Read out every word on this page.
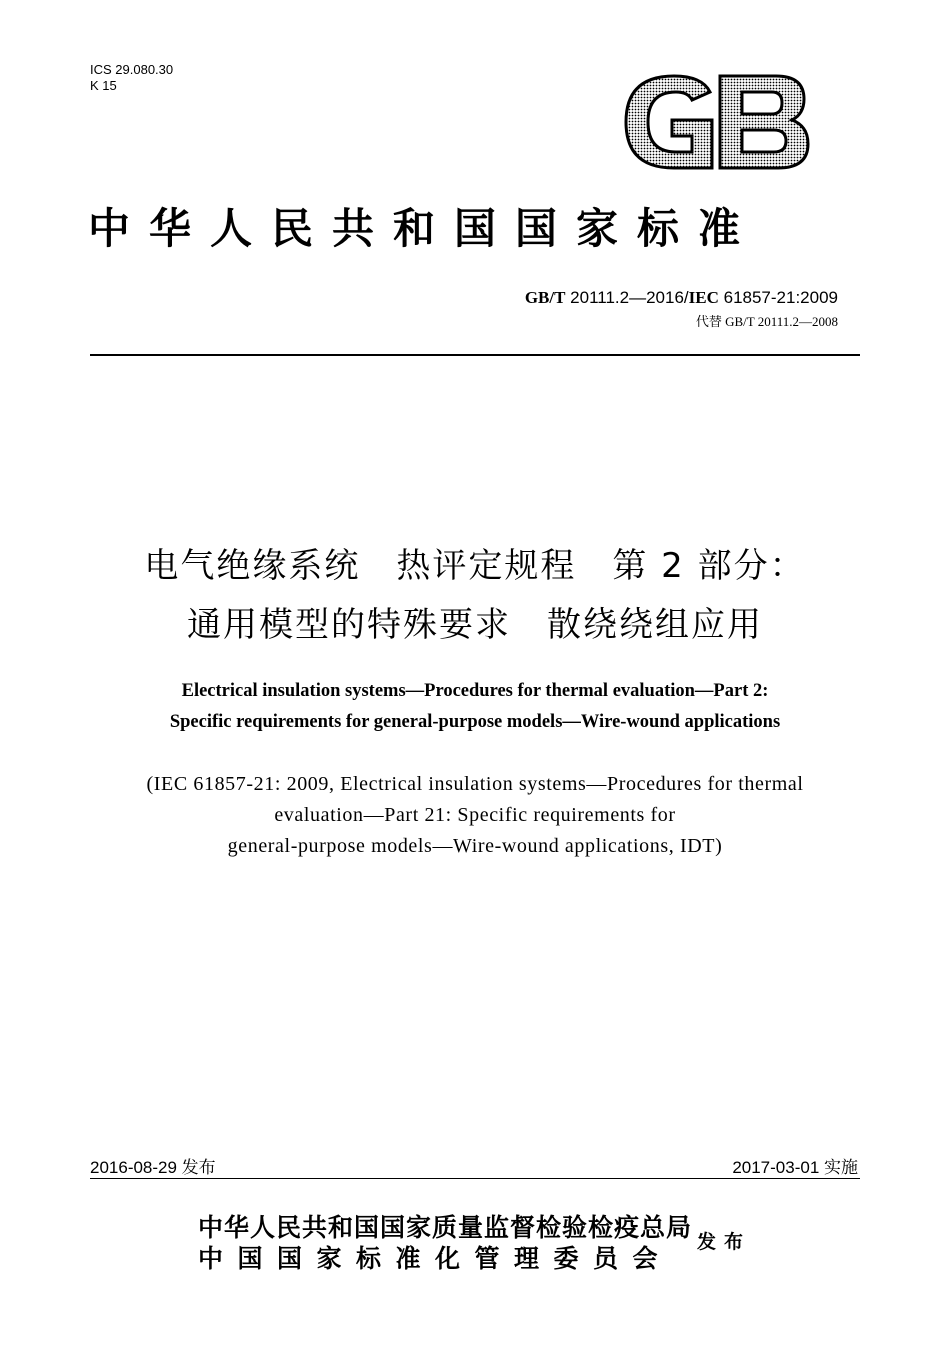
ICS 29.080.30
K 15
中华人民共和国国家标准
GB/T 20111.2—2016/IEC 61857-21:2009
代替 GB/T 20111.2—2008
电气绝缘系统　热评定规程　第 2 部分：
通用模型的特殊要求　散绕绕组应用
Electrical insulation systems—Procedures for thermal evaluation—Part 2:
Specific requirements for general-purpose models—Wire-wound applications
(IEC 61857-21: 2009, Electrical insulation systems—Procedures for thermal
evaluation—Part 21: Specific requirements for
general-purpose models—Wire-wound applications, IDT)
2016-08-29 发布	2017-03-01 实施
中华人民共和国国家质量监督检验检疫总局
中国国家标准化管理委员会
发布
